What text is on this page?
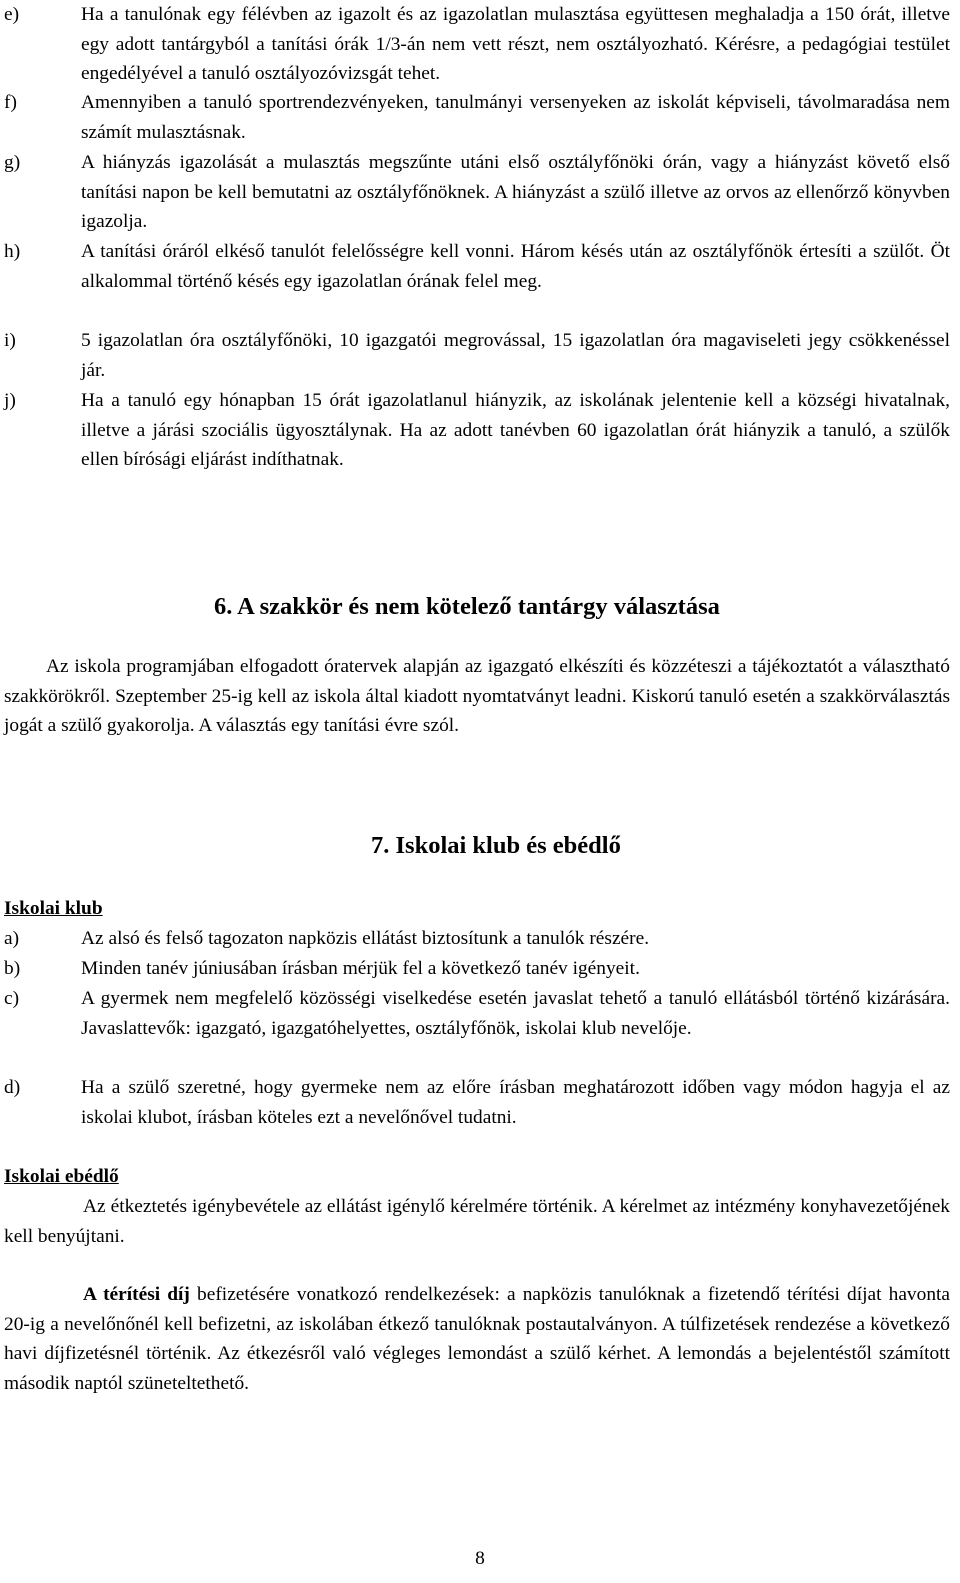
e)	Ha a tanulónak egy félévben az igazolt és az igazolatlan mulasztása együttesen meghaladja a 150 órát, illetve egy adott tantárgyból a tanítási órák 1/3-án nem vett részt, nem osztályozható. Kérésre, a pedagógiai testület engedélyével a tanuló osztályozóvizsgát tehet.
f)	Amennyiben a tanuló sportrendezvényeken, tanulmányi versenyeken az iskolát képviseli, távolmaradása nem számít mulasztásnak.
g)	A hiányzás igazolását a mulasztás megszűnte utáni első osztályfőnöki órán, vagy a hiányzást követő első tanítási napon be kell bemutatni az osztályfőnöknek. A hiányzást a szülő illetve az orvos az ellenőrző könyvben igazolja.
h)	A tanítási óráról elkéső tanulót felelősségre kell vonni. Három késés után az osztályfőnök értesíti a szülőt. Öt alkalommal történő késés egy igazolatlan órának felel meg.
i)	5 igazolatlan óra osztályfőnöki, 10 igazgatói megrovással, 15 igazolatlan óra magaviseleti jegy csökkenéssel jár.
j)	Ha a tanuló egy hónapban 15 órát igazolatlanul hiányzik, az iskolának jelentenie kell a községi hivatalnak, illetve a járási szociális ügyosztálynak. Ha az adott tanévben 60 igazolatlan órát hiányzik a tanuló, a szülők ellen bírósági eljárást indíthatnak.
6. A szakkör és nem kötelező tantárgy választása
Az iskola programjában elfogadott óratervek alapján az igazgató elkészíti és közzéteszi a tájékoztatót a választható szakkörökről. Szeptember 25-ig kell az iskola által kiadott nyomtatványt leadni. Kiskorú tanuló esetén a szakkörválasztás jogát a szülő gyakorolja. A választás egy tanítási évre szól.
7. Iskolai klub és ebédlő
Iskolai klub
a)	Az alsó és felső tagozaton napközis ellátást biztosítunk a tanulók részére.
b)	Minden tanév júniusában írásban mérjük fel a következő tanév igényeit.
c)	A gyermek nem megfelelő közösségi viselkedése esetén javaslat tehető a tanuló ellátásból történő kizárására. Javaslattevők: igazgató, igazgatóhelyettes, osztályfőnök, iskolai klub nevelője.
d)	Ha a szülő szeretné, hogy gyermeke nem az előre írásban meghatározott időben vagy módon hagyja el az iskolai klubot, írásban köteles ezt a nevelőnővel tudatni.
Iskolai ebédlő
Az étkeztetés igénybevétele az ellátást igénylő kérelmére történik. A kérelmet az intézmény konyhavezetőjének kell benyújtani.
A térítési díj befizetésére vonatkozó rendelkezések: a napközis tanulóknak a fizetendő térítési díjat havonta 20-ig a nevelőnőnél kell befizetni, az iskolában étkező tanulóknak postautalványon. A túlfizetések rendezése a következő havi díjfizetésnél történik. Az étkezésről való végleges lemondást a szülő kérhet. A lemondás a bejelentéstől számított második naptól szüneteltethető.
8
